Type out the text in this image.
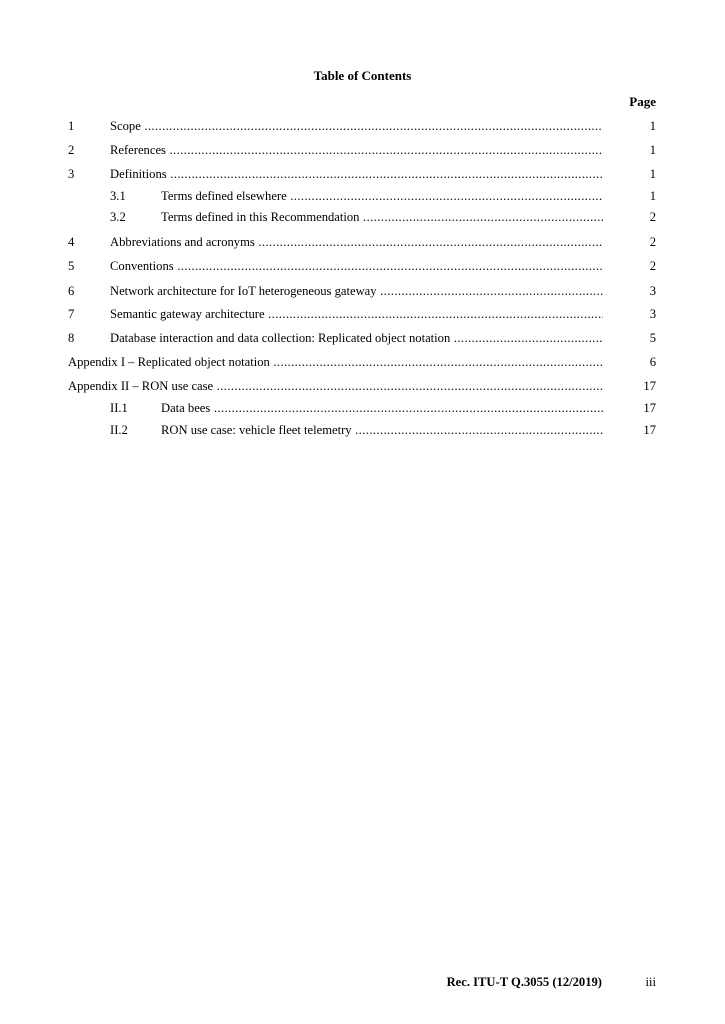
Table of Contents
Page
1	Scope .....	1
2	References .....	1
3	Definitions .....	1
3.1	Terms defined elsewhere .....	1
3.2	Terms defined in this Recommendation .....	2
4	Abbreviations and acronyms .....	2
5	Conventions .....	2
6	Network architecture for IoT heterogeneous gateway .....	3
7	Semantic gateway architecture .....	3
8	Database interaction and data collection: Replicated object notation .....	5
Appendix I – Replicated object notation .....	6
Appendix II – RON use case .....	17
II.1	Data bees .....	17
II.2	RON use case: vehicle fleet telemetry .....	17
Rec. ITU-T Q.3055 (12/2019)	iii
